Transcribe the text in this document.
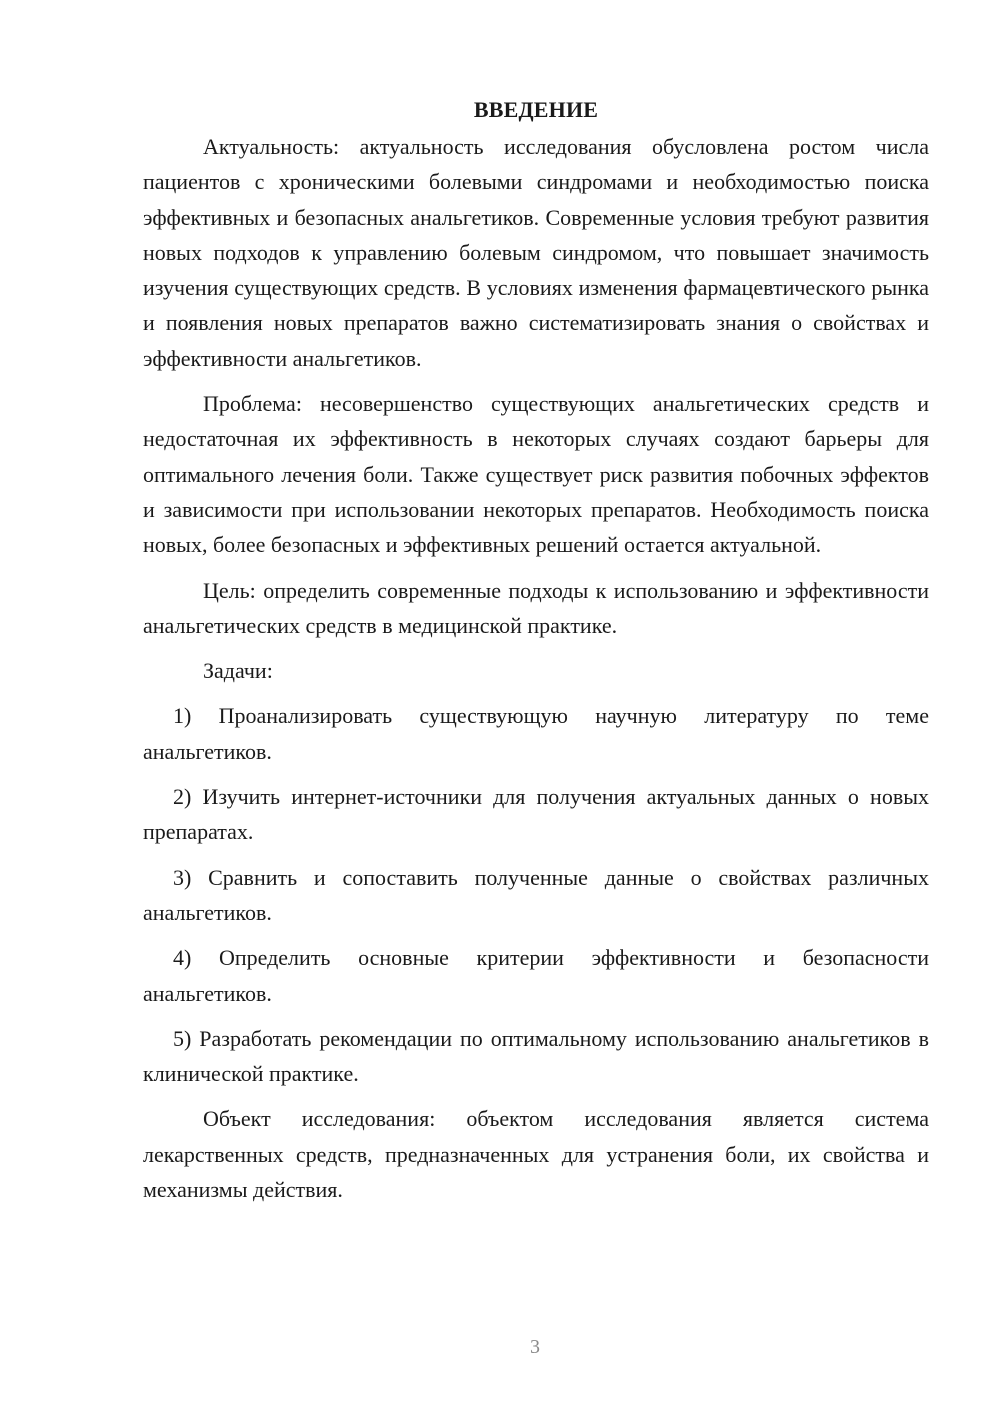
ВВЕДЕНИЕ

Актуальность: актуальность исследования обусловлена ростом числа пациентов с хроническими болевыми синдромами и необходимостью поиска эффективных и безопасных анальгетиков. Современные условия требуют развития новых подходов к управлению болевым синдромом, что повышает значимость изучения существующих средств. В условиях изменения фармацевтического рынка и появления новых препаратов важно систематизировать знания о свойствах и эффективности анальгетиков.

Проблема: несовершенство существующих анальгетических средств и недостаточная их эффективность в некоторых случаях создают барьеры для оптимального лечения боли. Также существует риск развития побочных эффектов и зависимости при использовании некоторых препаратов. Необходимость поиска новых, более безопасных и эффективных решений остается актуальной.

Цель: определить современные подходы к использованию и эффективности анальгетических средств в медицинской практике.

Задачи:

1) Проанализировать существующую научную литературу по теме анальгетиков.

2) Изучить интернет-источники для получения актуальных данных о новых препаратах.

3) Сравнить и сопоставить полученные данные о свойствах различных анальгетиков.

4) Определить основные критерии эффективности и безопасности анальгетиков.

5) Разработать рекомендации по оптимальному использованию анальгетиков в клинической практике.

Объект исследования: объектом исследования является система лекарственных средств, предназначенных для устранения боли, их свойства и механизмы действия.

3
